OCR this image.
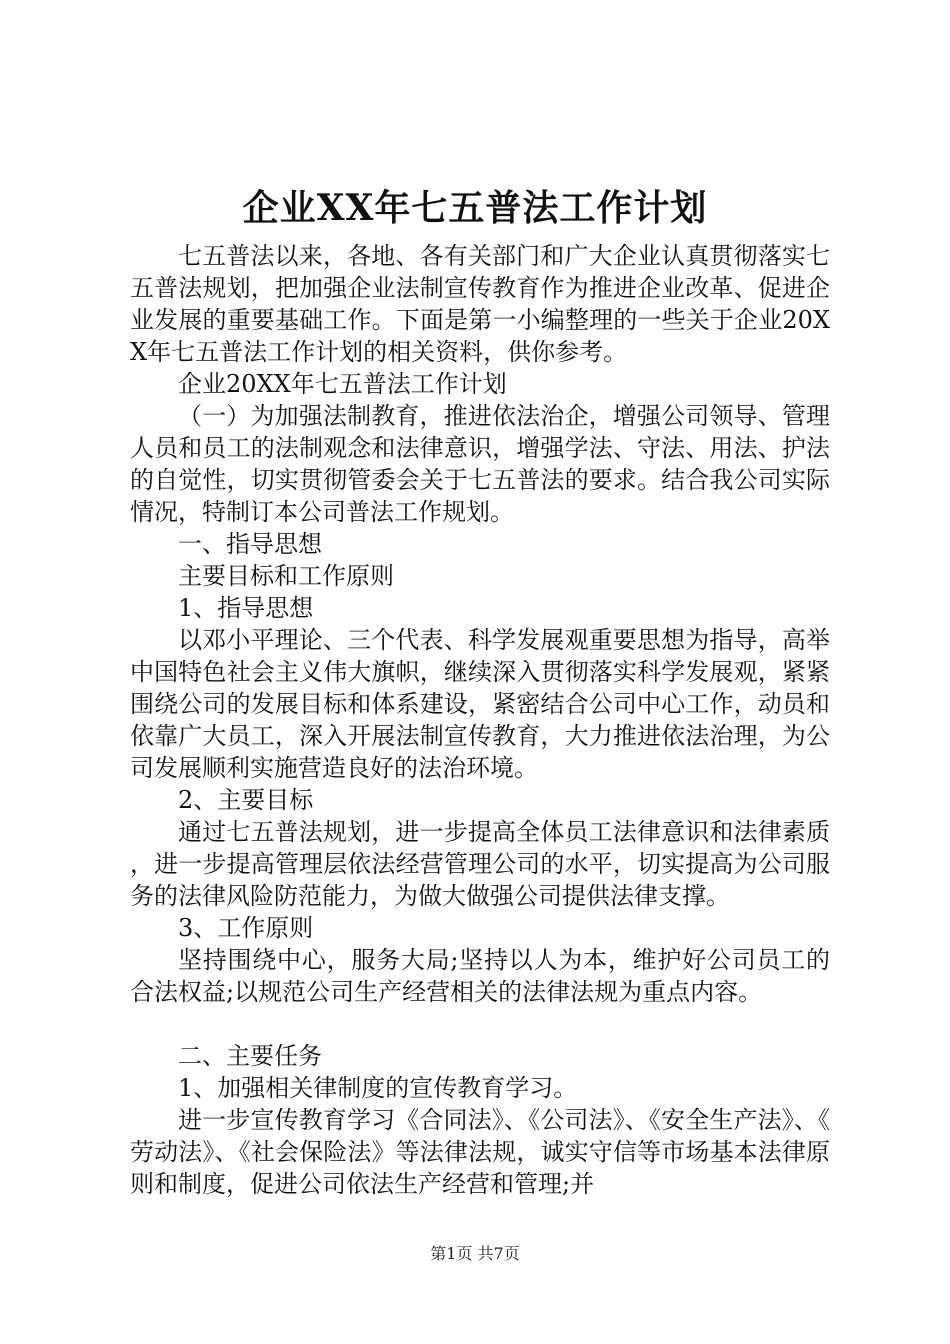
企业XX年七五普法工作计划

七五普法以来，各地、各有关部门和广大企业认真贯彻落实七五普法规划，把加强企业法制宣传教育作为推进企业改革、促进企业发展的重要基础工作。下面是第一小编整理的一些关于企业20XX年七五普法工作计划的相关资料，供你参考。

企业20XX年七五普法工作计划

（一）为加强法制教育，推进依法治企，增强公司领导、管理人员和员工的法制观念和法律意识，增强学法、守法、用法、护法的自觉性，切实贯彻管委会关于七五普法的要求。结合我公司实际情况，特制订本公司普法工作规划。

一、指导思想

主要目标和工作原则

1、指导思想

以邓小平理论、三个代表、科学发展观重要思想为指导，高举中国特色社会主义伟大旗帜，继续深入贯彻落实科学发展观，紧紧围绕公司的发展目标和体系建设，紧密结合公司中心工作，动员和依靠广大员工，深入开展法制宣传教育，大力推进依法治理，为公司发展顺利实施营造良好的法治环境。

2、主要目标

通过七五普法规划，进一步提高全体员工法律意识和法律素质，进一步提高管理层依法经营管理公司的水平，切实提高为公司服务的法律风险防范能力，为做大做强公司提供法律支撑。

3、工作原则

坚持围绕中心，服务大局;坚持以人为本，维护好公司员工的合法权益;以规范公司生产经营相关的法律法规为重点内容。

二、主要任务

1、加强相关律制度的宣传教育学习。

进一步宣传教育学习《合同法》、《公司法》、《安全生产法》、《劳动法》、《社会保险法》等法律法规，诚实守信等市场基本法律原则和制度，促进公司依法生产经营和管理;并

第1页 共7页
